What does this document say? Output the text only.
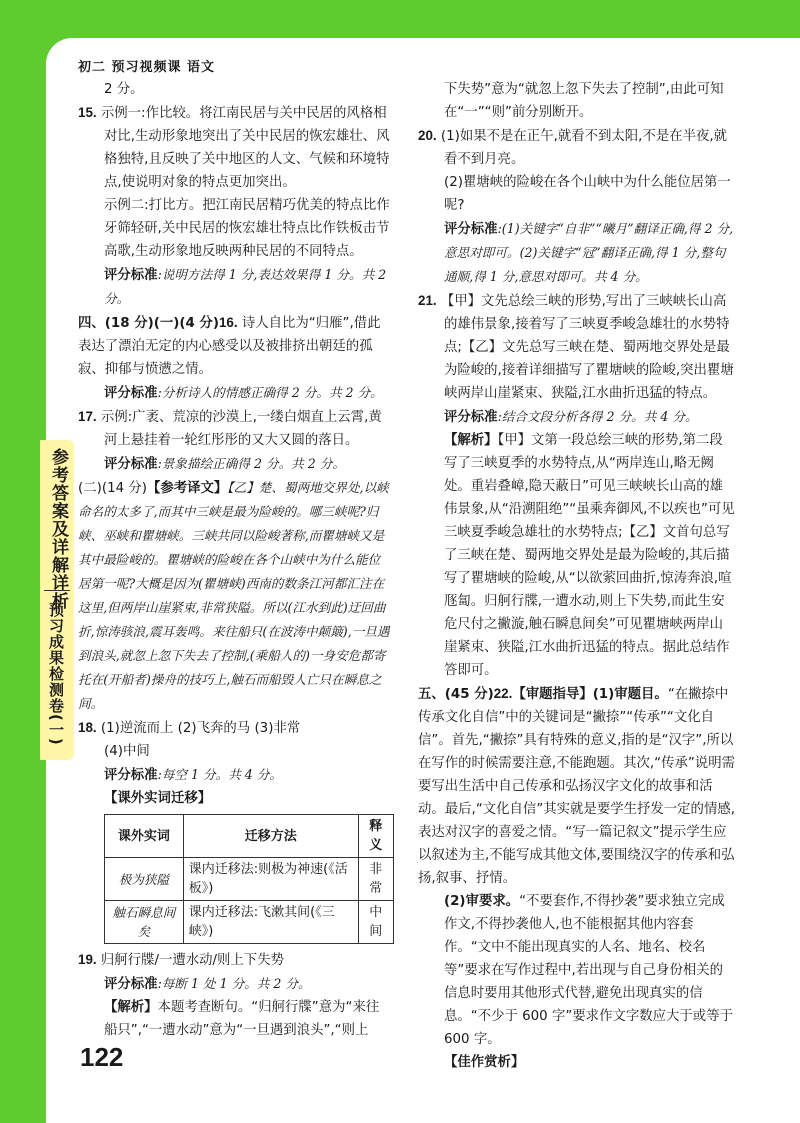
参考答案及详解详析
预习成果检测卷(一)
初二 预习视频课 语文

2 分。

15. 示例一:作比较。将江南民居与关中民居的风格相对比,生动形象地突出了关中民居的恢宏雄壮、风格独特,且反映了关中地区的人文、气候和环境特点,使说明对象的特点更加突出。

示例二:打比方。把江南民居精巧优美的特点比作牙筛轻研,关中民居的恢宏雄壮特点比作铁板击节高歌,生动形象地反映两种民居的不同特点。

评分标准:说明方法得 1 分,表达效果得 1 分。共 2 分。

四、(18 分)(一)(4 分)16. 诗人自比为“归雁”,借此表达了漂泊无定的内心感受以及被排挤出朝廷的孤寂、抑郁与愤懑之情。

评分标准:分析诗人的情感正确得 2 分。共 2 分。

17. 示例:广袤、荒凉的沙漠上,一缕白烟直上云霄,黄河上悬挂着一轮红彤彤的又大又圆的落日。

评分标准:景象描绘正确得 2 分。共 2 分。

(二)(14 分)【参考译文】【乙】楚、蜀两地交界处,以峡命名的太多了,而其中三峡是最为险峻的。哪三峡呢?归峡、巫峡和瞿塘峡。三峡共同以险峻著称,而瞿塘峡又是其中最险峻的。瞿塘峡的险峻在各个山峡中为什么能位居第一呢?大概是因为(瞿塘峡)西南的数条江河都汇注在这里,但两岸山崖紧束,非常狭隘。所以(江水到此)迂回曲折,惊涛骇浪,震耳轰鸣。来往船只(在波涛中颠簸),一旦遇到浪头,就忽上忽下失去了控制,(乘船人的)一身安危都寄托在(开船者)操舟的技巧上,触石而船毁人亡只在瞬息之间。

18. (1)逆流而上 (2)飞奔的马 (3)非常

(4)中间

评分标准:每空 1 分。共 4 分。

【课外实词迁移】

课外实词	迁移方法	释义
极为狭隘	课内迁移法:则极为神速(《活板》)	非常
触石瞬息间矣	课内迁移法:飞漱其间(《三峡》)	中间

19. 归舸行牒/一遭水动/则上下失势

评分标准:每断 1 处 1 分。共 2 分。

【解析】本题考查断句。“归舸行牒”意为“来往船只”,“一遭水动”意为“一旦遇到浪头”,“则上

下失势”意为“就忽上忽下失去了控制”,由此可知在“一”“则”前分别断开。

20. (1)如果不是在正午,就看不到太阳,不是在半夜,就看不到月亮。

(2)瞿塘峡的险峻在各个山峡中为什么能位居第一呢?

评分标准:(1)关键字“自非”“曦月”翻译正确,得 2 分,意思对即可。(2)关键字“冠”翻译正确,得 1 分,整句通顺,得 1 分,意思对即可。共 4 分。

21. 【甲】文先总绘三峡的形势,写出了三峡峡长山高的雄伟景象,接着写了三峡夏季峻急雄壮的水势特点;【乙】文先总写三峡在楚、蜀两地交界处是最为险峻的,接着详细描写了瞿塘峡的险峻,突出瞿塘峡两岸山崖紧束、狭隘,江水曲折迅猛的特点。

评分标准:结合文段分析各得 2 分。共 4 分。

【解析】【甲】文第一段总绘三峡的形势,第二段写了三峡夏季的水势特点,从“两岸连山,略无阙处。重岩叠嶂,隐天蔽日”可见三峡峡长山高的雄伟景象,从“沿溯阻绝”“虽乘奔御风,不以疾也”可见三峡夏季峻急雄壮的水势特点;【乙】文首句总写了三峡在楚、蜀两地交界处是最为险峻的,其后描写了瞿塘峡的险峻,从“以欲萦回曲折,惊涛奔浪,喧豗匐。归舸行牒,一遭水动,则上下失势,而此生安危尺付之撇漩,触石瞬息间矣”可见瞿塘峡两岸山崖紧束、狭隘,江水曲折迅猛的特点。据此总结作答即可。

五、(45 分)22.【审题指导】(1)审题目。“在撇捺中传承文化自信”中的关键词是“撇捺”“传承”“文化自信”。首先,“撇捺”具有特殊的意义,指的是“汉字”,所以在写作的时候需要注意,不能跑题。其次,“传承”说明需要写出生活中自己传承和弘扬汉字文化的故事和活动。最后,“文化自信”其实就是要学生抒发一定的情感,表达对汉字的喜爱之情。“写一篇记叙文”提示学生应以叙述为主,不能写成其他文体,要围绕汉字的传承和弘扬,叙事、抒情。

(2)审要求。“不要套作,不得抄袭”要求独立完成作文,不得抄袭他人,也不能根据其他内容套作。“文中不能出现真实的人名、地名、校名等”要求在写作过程中,若出现与自己身份相关的信息时要用其他形式代替,避免出现真实的信息。“不少于 600 字”要求作文字数应大于或等于 600 字。

【佳作赏析】

122
